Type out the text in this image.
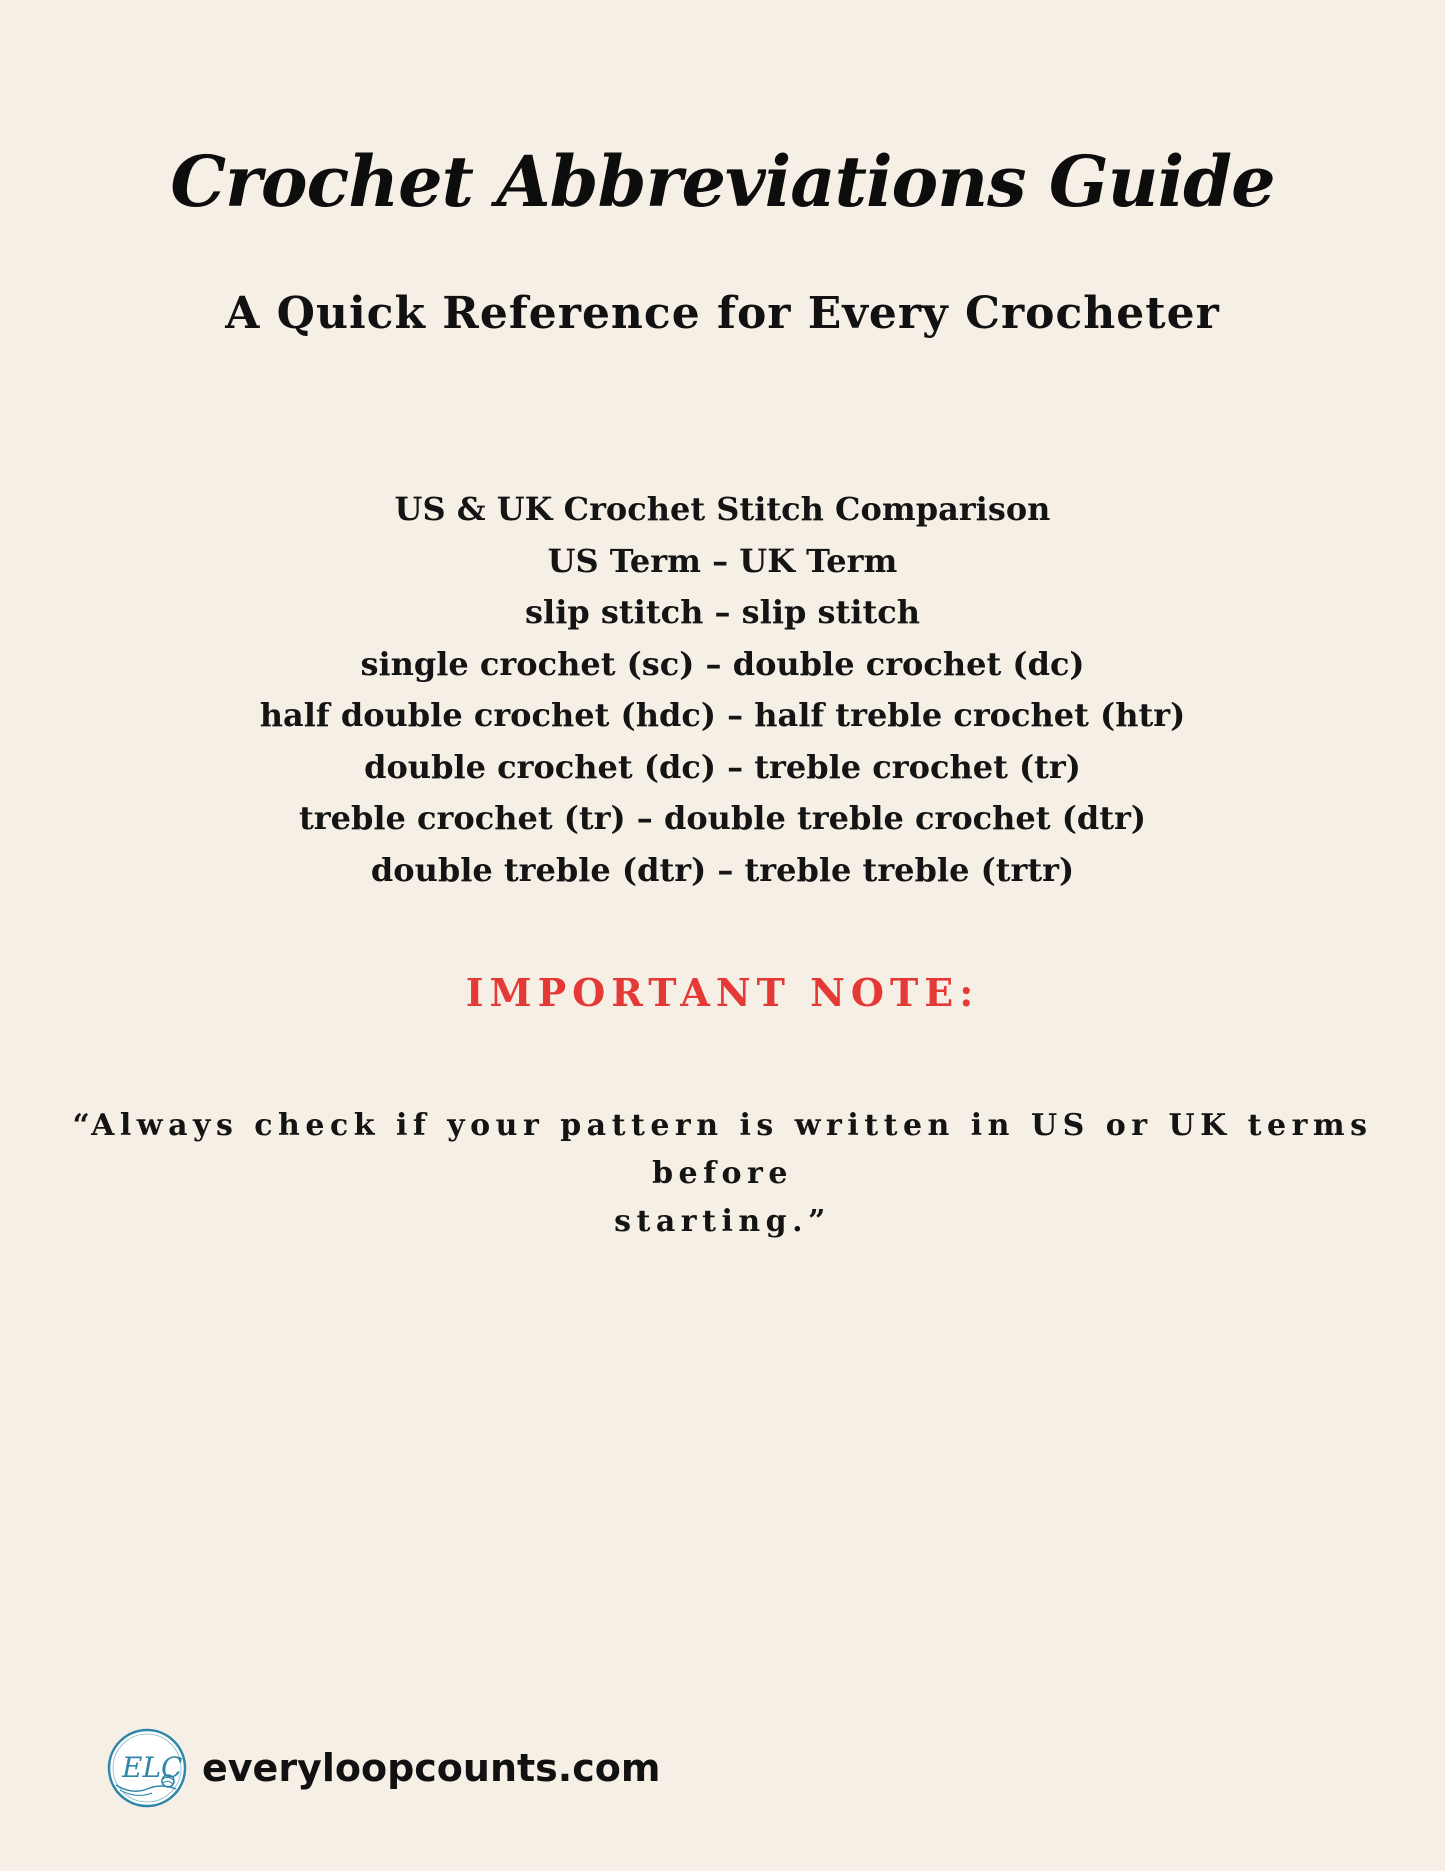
Crochet Abbreviations Guide
A Quick Reference for Every Crocheter
US & UK Crochet Stitch Comparison
US Term – UK Term
slip stitch – slip stitch
single crochet (sc) – double crochet (dc)
half double crochet (hdc) – half treble crochet (htr)
double crochet (dc) – treble crochet (tr)
treble crochet (tr) – double treble crochet (dtr)
double treble (dtr) – treble treble (trtr)
IMPORTANT NOTE:
“Always check if your pattern is written in US or UK terms before
starting.”
ELC everyloopcounts.com
